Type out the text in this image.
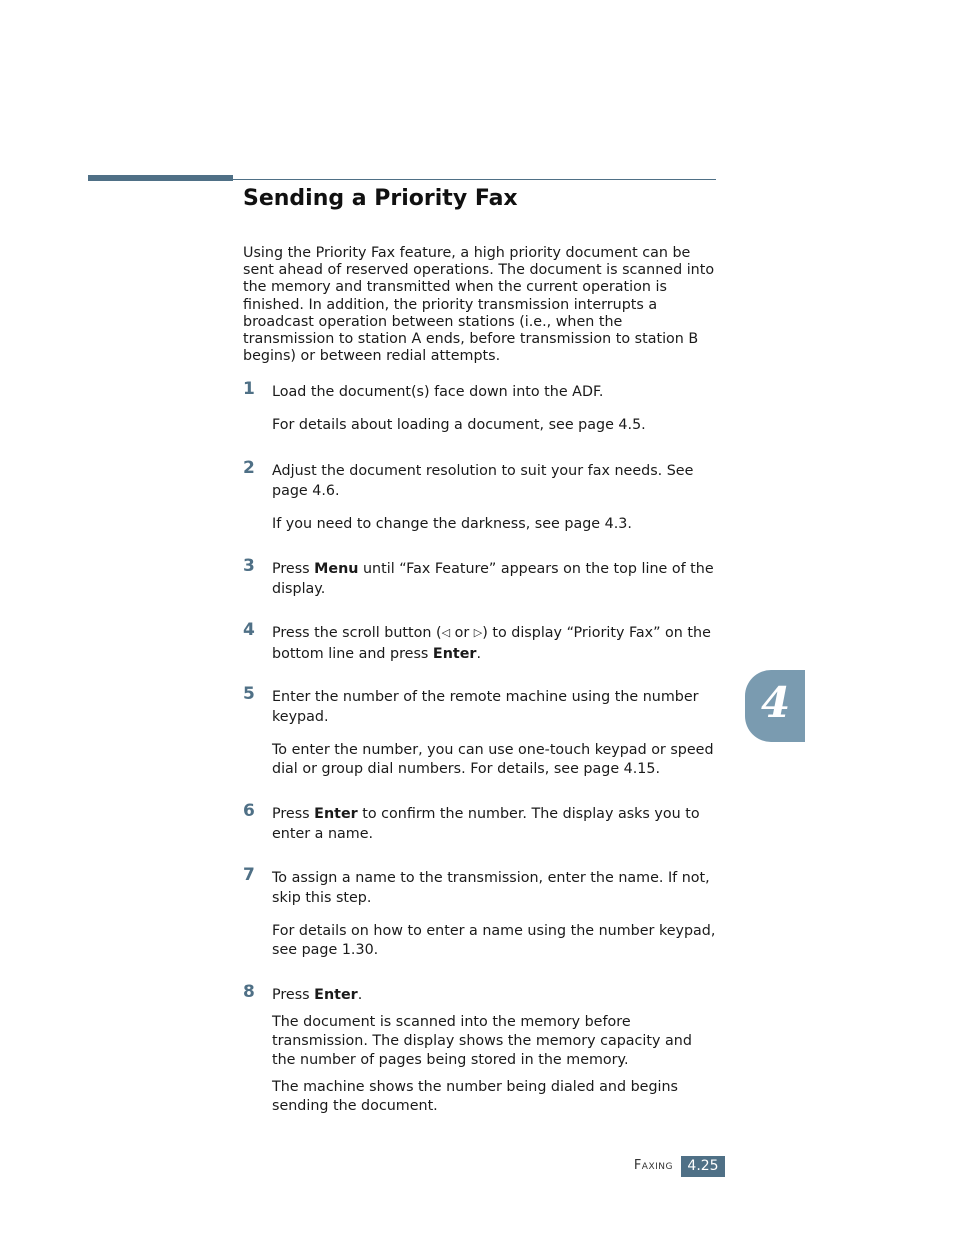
Sending a Priority Fax

Using the Priority Fax feature, a high priority document can be sent ahead of reserved operations. The document is scanned into the memory and transmitted when the current operation is finished. In addition, the priority transmission interrupts a broadcast operation between stations (i.e., when the transmission to station A ends, before transmission to station B begins) or between redial attempts.

1 Load the document(s) face down into the ADF.

For details about loading a document, see page 4.5.

2 Adjust the document resolution to suit your fax needs. See page 4.6.

If you need to change the darkness, see page 4.3.

3 Press Menu until “Fax Feature” appears on the top line of the display.

4 Press the scroll button (◁ or ▷) to display “Priority Fax” on the bottom line and press Enter.

5 Enter the number of the remote machine using the number keypad.

To enter the number, you can use one-touch keypad or speed dial or group dial numbers. For details, see page 4.15.

6 Press Enter to confirm the number. The display asks you to enter a name.

7 To assign a name to the transmission, enter the name. If not, skip this step.

For details on how to enter a name using the number keypad, see page 1.30.

8 Press Enter.

The document is scanned into the memory before transmission. The display shows the memory capacity and the number of pages being stored in the memory.

The machine shows the number being dialed and begins sending the document.

4
Faxing	4.25
